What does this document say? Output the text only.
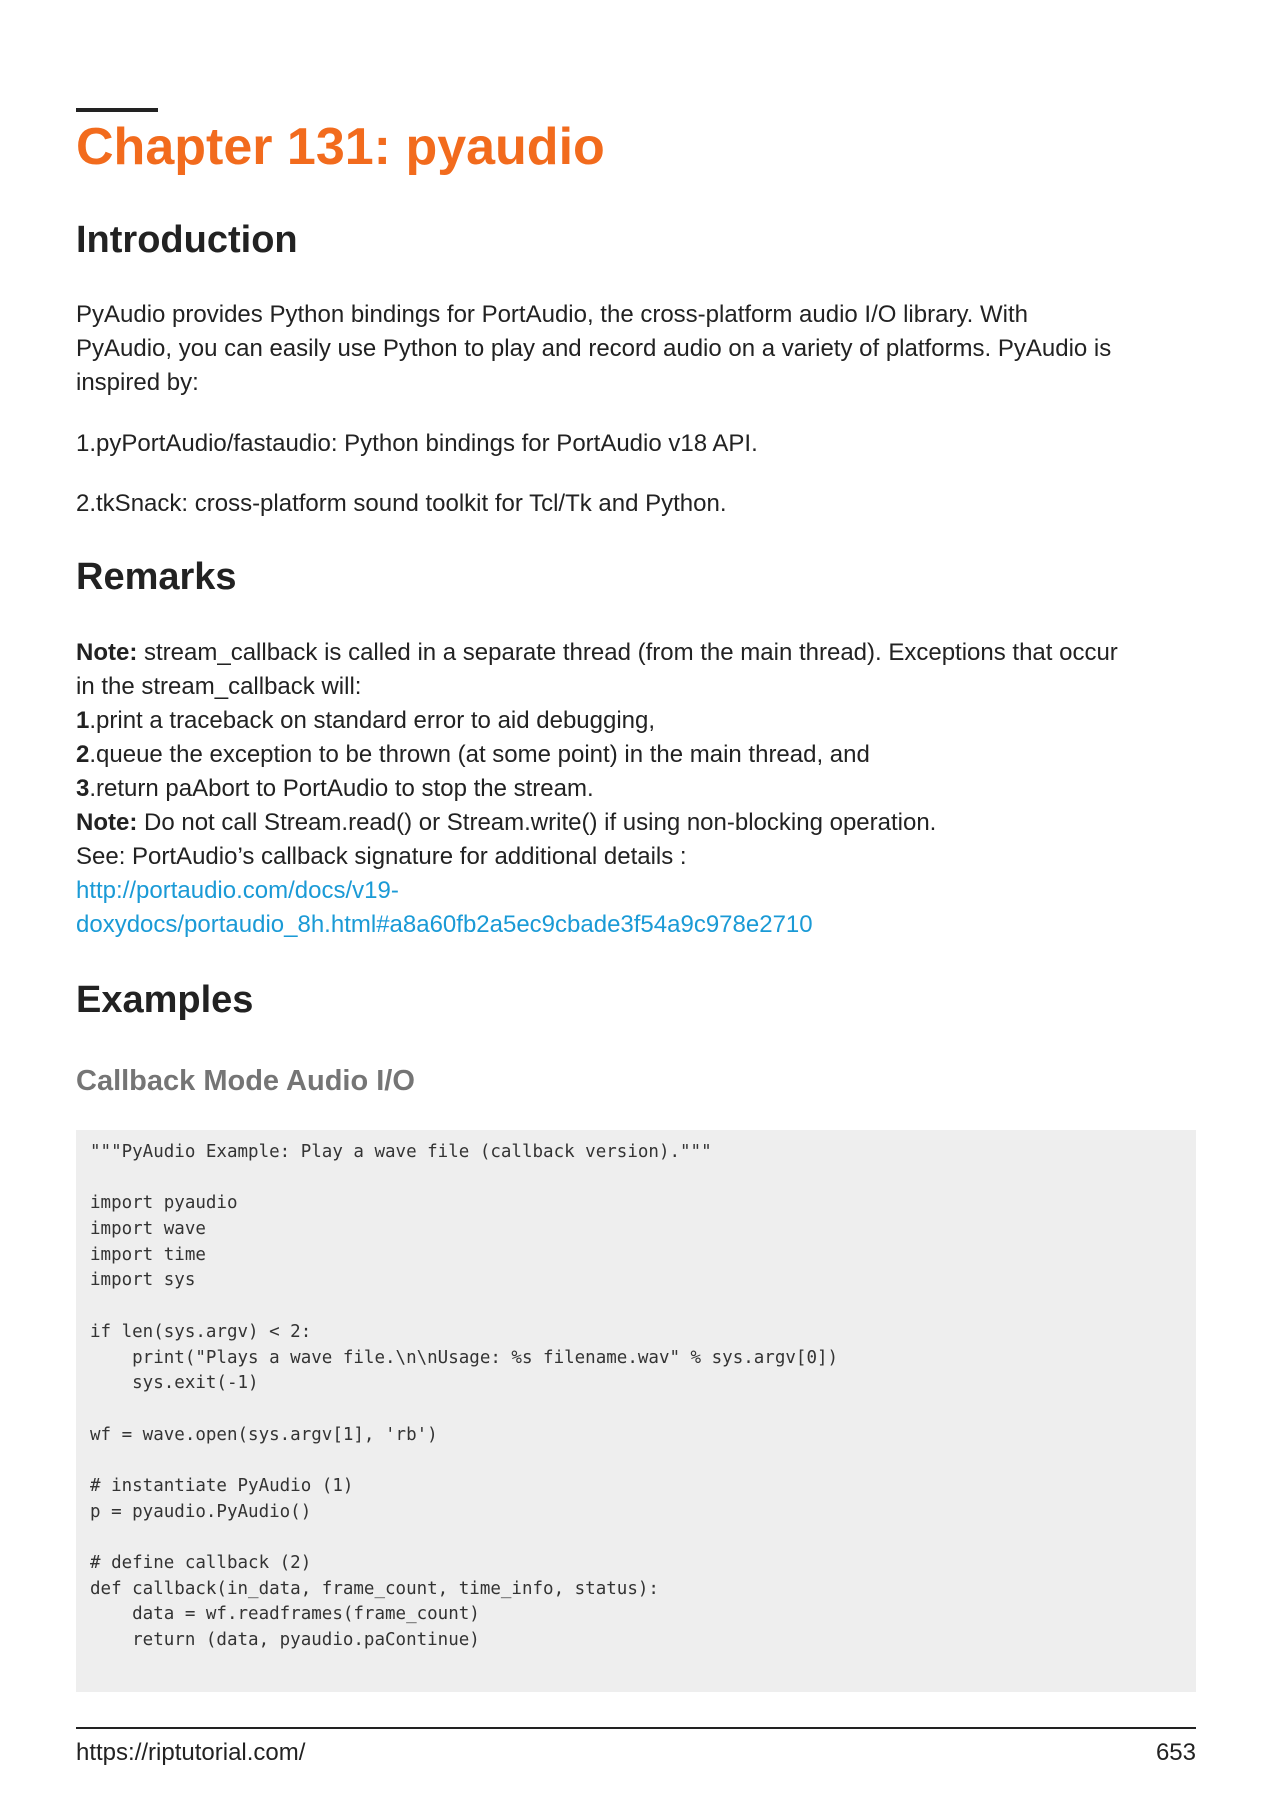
Chapter 131: pyaudio
Introduction
PyAudio provides Python bindings for PortAudio, the cross-platform audio I/O library. With
PyAudio, you can easily use Python to play and record audio on a variety of platforms. PyAudio is
inspired by:
1.pyPortAudio/fastaudio: Python bindings for PortAudio v18 API.
2.tkSnack: cross-platform sound toolkit for Tcl/Tk and Python.
Remarks
Note: stream_callback is called in a separate thread (from the main thread). Exceptions that occur
in the stream_callback will:
1.print a traceback on standard error to aid debugging,
2.queue the exception to be thrown (at some point) in the main thread, and
3.return paAbort to PortAudio to stop the stream.
Note: Do not call Stream.read() or Stream.write() if using non-blocking operation.
See: PortAudio’s callback signature for additional details :
http://portaudio.com/docs/v19-
doxydocs/portaudio_8h.html#a8a60fb2a5ec9cbade3f54a9c978e2710
Examples
Callback Mode Audio I/O
"""PyAudio Example: Play a wave file (callback version)."""
import pyaudio
import wave
import time
import sys
if len(sys.argv) < 2:
print("Plays a wave file.\n\nUsage: %s filename.wav" % sys.argv[0])
sys.exit(-1)
wf = wave.open(sys.argv[1], 'rb')
# instantiate PyAudio (1)
p = pyaudio.PyAudio()
# define callback (2)
def callback(in_data, frame_count, time_info, status):
data = wf.readframes(frame_count)
return (data, pyaudio.paContinue)
https://riptutorial.com/	653
